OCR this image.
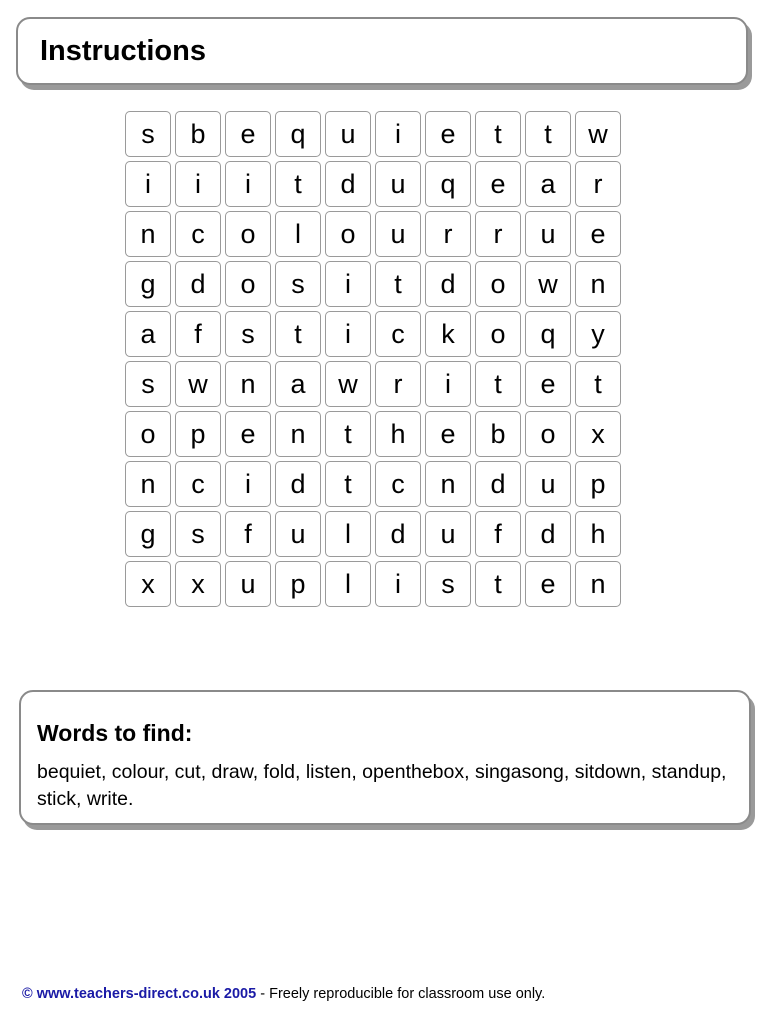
Instructions
s	b	e	q	u	i	e	t	t	w
i	i	i	t	d	u	q	e	a	r
n	c	o	l	o	u	r	r	u	e
g	d	o	s	i	t	d	o	w	n
a	f	s	t	i	c	k	o	q	y
s	w	n	a	w	r	i	t	e	t
o	p	e	n	t	h	e	b	o	x
n	c	i	d	t	c	n	d	u	p
g	s	f	u	l	d	u	f	d	h
x	x	u	p	l	i	s	t	e	n
Words to find:
bequiet, colour, cut, draw, fold, listen, openthebox, singasong, sitdown, standup, stick, write.
© www.teachers-direct.co.uk 2005 - Freely reproducible for classroom use only.
